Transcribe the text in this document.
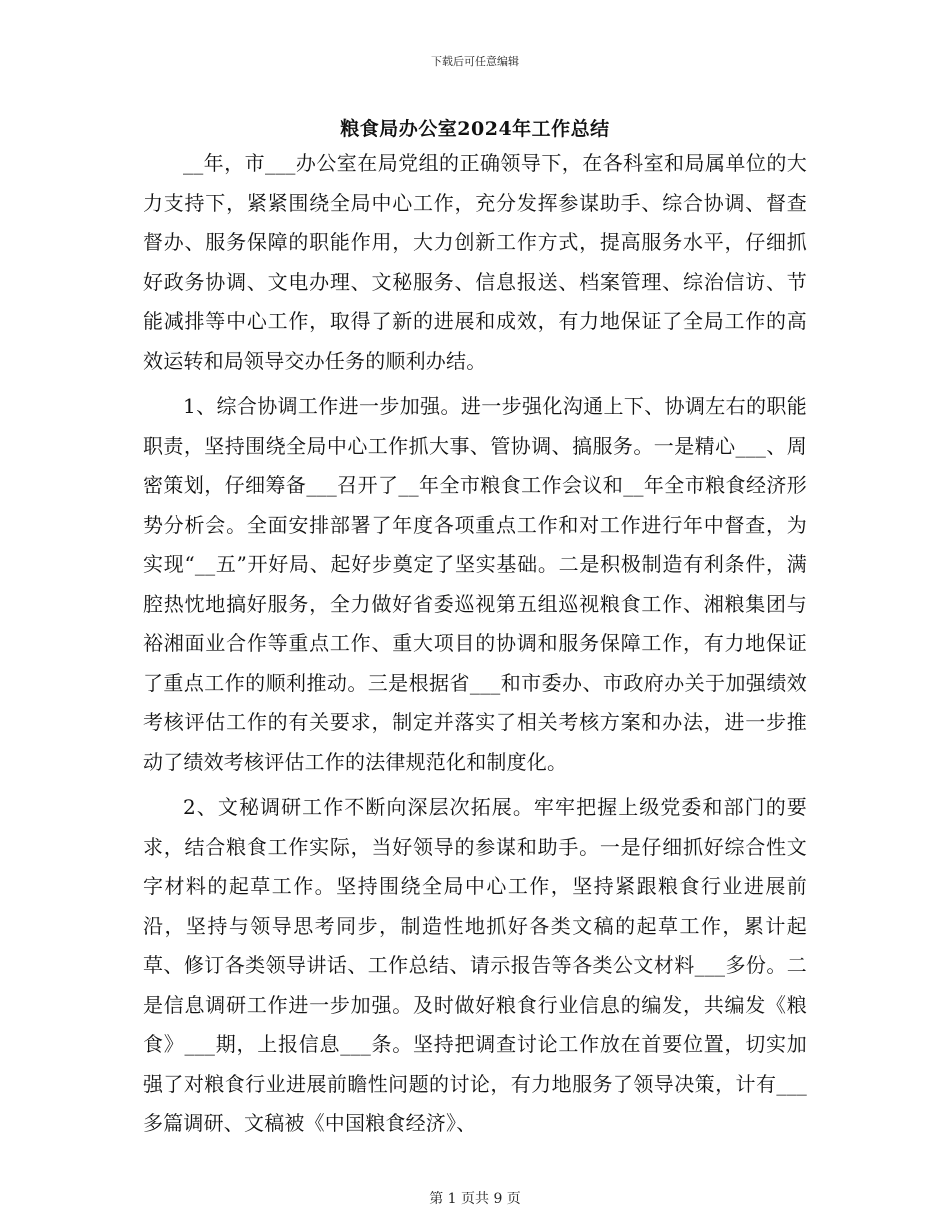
下载后可任意编辑
粮食局办公室2024年工作总结

__年，市___办公室在局党组的正确领导下，在各科室和局属单位的大力支持下，紧紧围绕全局中心工作，充分发挥参谋助手、综合协调、督查督办、服务保障的职能作用，大力创新工作方式，提高服务水平，仔细抓好政务协调、文电办理、文秘服务、信息报送、档案管理、综治信访、节能减排等中心工作，取得了新的进展和成效，有力地保证了全局工作的高效运转和局领导交办任务的顺利办结。

1、综合协调工作进一步加强。进一步强化沟通上下、协调左右的职能职责，坚持围绕全局中心工作抓大事、管协调、搞服务。一是精心___、周密策划，仔细筹备___召开了__年全市粮食工作会议和__年全市粮食经济形势分析会。全面安排部署了年度各项重点工作和对工作进行年中督查，为实现“__五”开好局、起好步奠定了坚实基础。二是积极制造有利条件，满腔热忱地搞好服务，全力做好省委巡视第五组巡视粮食工作、湘粮集团与裕湘面业合作等重点工作、重大项目的协调和服务保障工作，有力地保证了重点工作的顺利推动。三是根据省___和市委办、市政府办关于加强绩效考核评估工作的有关要求，制定并落实了相关考核方案和办法，进一步推动了绩效考核评估工作的法律规范化和制度化。

2、文秘调研工作不断向深层次拓展。牢牢把握上级党委和部门的要求，结合粮食工作实际，当好领导的参谋和助手。一是仔细抓好综合性文字材料的起草工作。坚持围绕全局中心工作，坚持紧跟粮食行业进展前沿，坚持与领导思考同步，制造性地抓好各类文稿的起草工作，累计起草、修订各类领导讲话、工作总结、请示报告等各类公文材料___多份。二是信息调研工作进一步加强。及时做好粮食行业信息的编发，共编发《粮食》___期，上报信息___条。坚持把调查讨论工作放在首要位置，切实加强了对粮食行业进展前瞻性问题的讨论，有力地服务了领导决策，计有___多篇调研、文稿被《中国粮食经济》、

第 1 页共 9 页
